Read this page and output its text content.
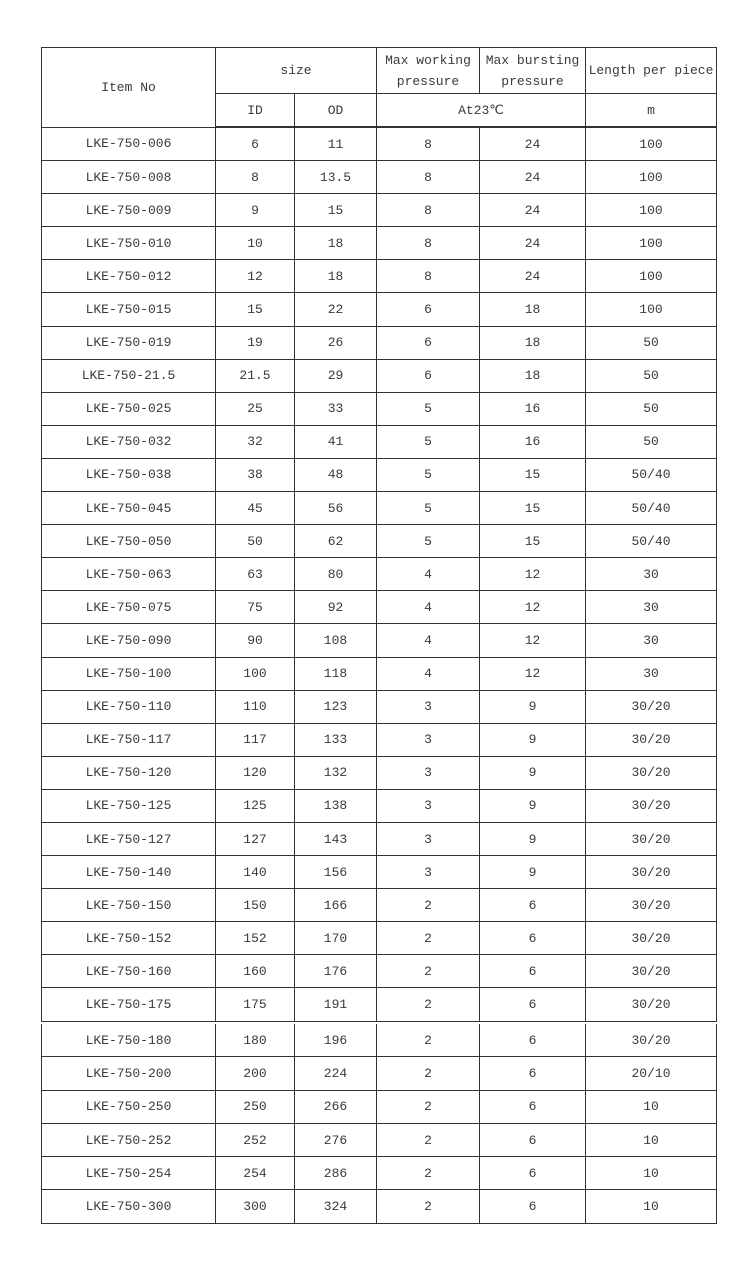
Item No	size		Max working pressure	Max bursting pressure	Length per piece
	ID	OD	At23℃		m
LKE-750-006	6	11	8	24	100
LKE-750-008	8	13.5	8	24	100
LKE-750-009	9	15	8	24	100
LKE-750-010	10	18	8	24	100
LKE-750-012	12	18	8	24	100
LKE-750-015	15	22	6	18	100
LKE-750-019	19	26	6	18	50
LKE-750-21.5	21.5	29	6	18	50
LKE-750-025	25	33	5	16	50
LKE-750-032	32	41	5	16	50
LKE-750-038	38	48	5	15	50/40
LKE-750-045	45	56	5	15	50/40
LKE-750-050	50	62	5	15	50/40
LKE-750-063	63	80	4	12	30
LKE-750-075	75	92	4	12	30
LKE-750-090	90	108	4	12	30
LKE-750-100	100	118	4	12	30
LKE-750-110	110	123	3	9	30/20
LKE-750-117	117	133	3	9	30/20
LKE-750-120	120	132	3	9	30/20
LKE-750-125	125	138	3	9	30/20
LKE-750-127	127	143	3	9	30/20
LKE-750-140	140	156	3	9	30/20
LKE-750-150	150	166	2	6	30/20
LKE-750-152	152	170	2	6	30/20
LKE-750-160	160	176	2	6	30/20
LKE-750-175	175	191	2	6	30/20
LKE-750-180	180	196	2	6	30/20
LKE-750-200	200	224	2	6	20/10
LKE-750-250	250	266	2	6	10
LKE-750-252	252	276	2	6	10
LKE-750-254	254	286	2	6	10
LKE-750-300	300	324	2	6	10
